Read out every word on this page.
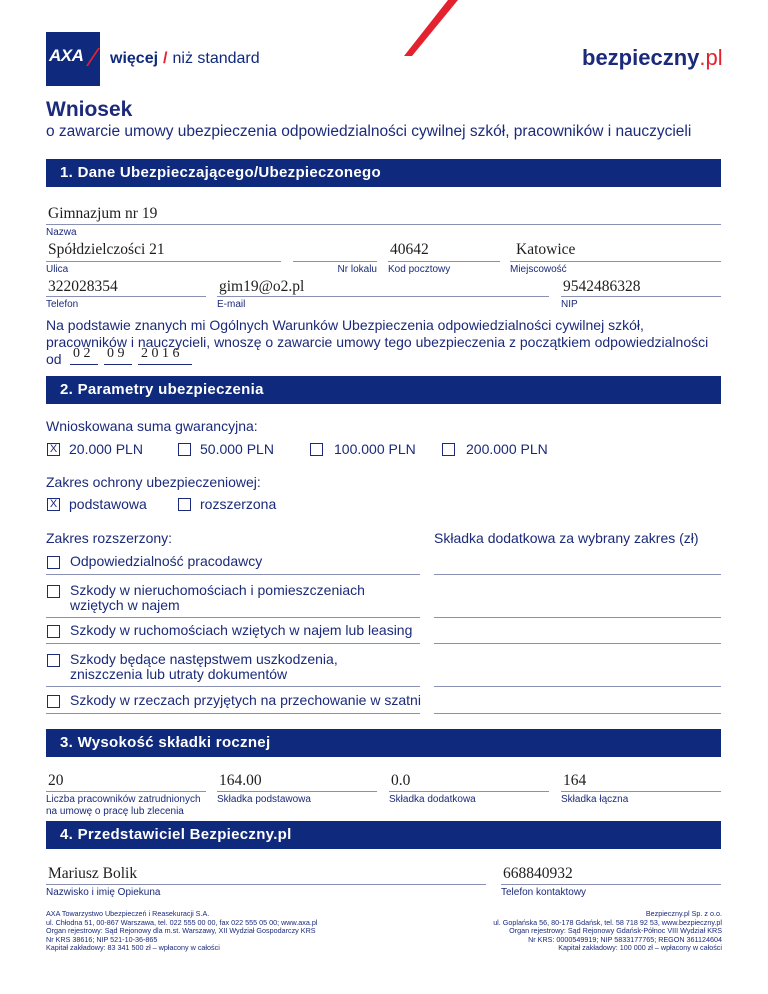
AXA więcej / niż standard	bezpieczny.pl
Wniosek
o zawarcie umowy ubezpieczenia odpowiedzialności cywilnej szkół, pracowników i nauczycieli
1. Dane Ubezpieczającego/Ubezpieczonego
Gimnazjum nr 19
Nazwa
Spółdzielczości 21
Ulica	Nr lokalu
40642
Kod pocztowy
Katowice
Miejscowość
322028354
Telefon
gim19@o2.pl
E-mail
9542486328
NIP
Na podstawie znanych mi Ogólnych Warunków Ubezpieczenia odpowiedzialności cywilnej szkół,
pracowników i nauczycieli, wnoszę o zawarcie umowy tego ubezpieczenia z początkiem odpowiedzialności
od 0 2 0 9 2 0 1 6
2. Parametry ubezpieczenia
Wnioskowana suma gwarancyjna:
X 20.000 PLN	50.000 PLN	100.000 PLN	200.000 PLN
Zakres ochrony ubezpieczeniowej:
X podstawowa	rozszerzona
Zakres rozszerzony:	Składka dodatkowa za wybrany zakres (zł)
Odpowiedzialność pracodawcy
Szkody w nieruchomościach i pomieszczeniach
wziętych w najem
Szkody w ruchomościach wziętych w najem lub leasing
Szkody będące następstwem uszkodzenia,
zniszczenia lub utraty dokumentów
Szkody w rzeczach przyjętych na przechowanie w szatni
3. Wysokość składki rocznej
20
Liczba pracowników zatrudnionych
na umowę o pracę lub zlecenia
164.00
Składka podstawowa
0.0
Składka dodatkowa
164
Składka łączna
4. Przedstawiciel Bezpieczny.pl
Mariusz Bolik
Nazwisko i imię Opiekuna
668840932
Telefon kontaktowy
AXA Towarzystwo Ubezpieczeń i Reasekuracji S.A.
ul. Chłodna 51, 00-867 Warszawa, tel. 022 555 00 00, fax 022 555 05 00; www.axa.pl
Organ rejestrowy: Sąd Rejonowy dla m.st. Warszawy, XII Wydział Gospodarczy KRS
Nr KRS 38616; NIP 521-10-36-865
Kapitał zakładowy: 83 341 500 zł – wpłacony w całości
Bezpieczny.pl Sp. z o.o.
ul. Goplańska 56, 80-178 Gdańsk, tel. 58 718 92 53, www.bezpieczny.pl
Organ rejestrowy: Sąd Rejonowy Gdańsk-Północ VIII Wydział KRS
Nr KRS: 0000549919; NIP 5833177765; REGON 361124604
Kapitał zakładowy: 100 000 zł – wpłacony w całości
